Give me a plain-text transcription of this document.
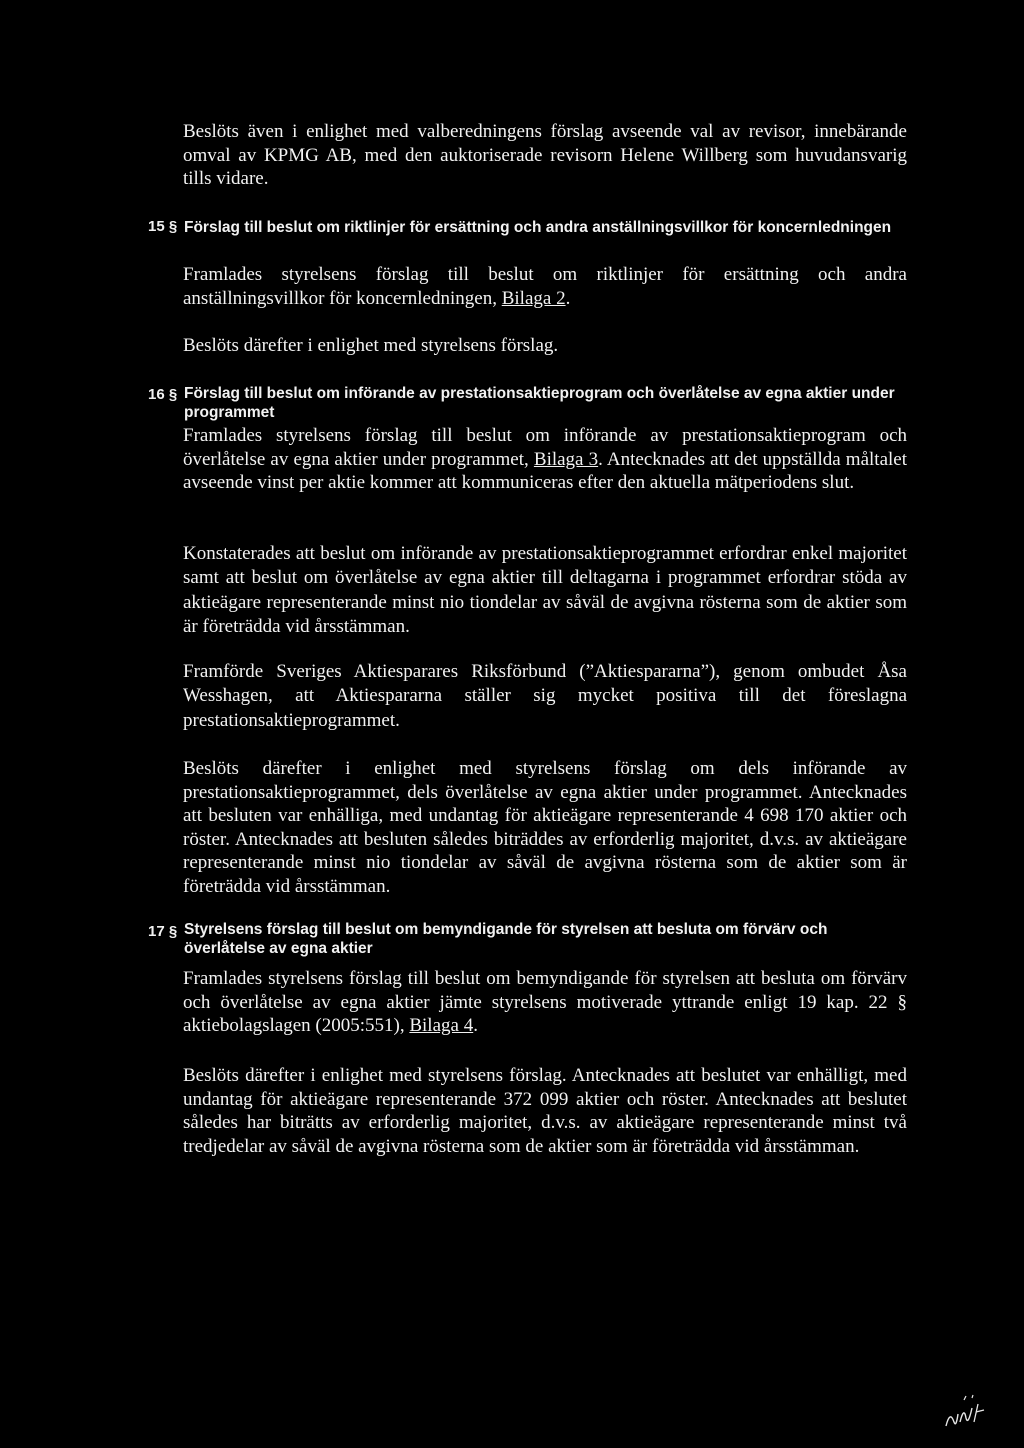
Beslöts även i enlighet med valberedningens förslag avseende val av revisor, innebärande omval av KPMG AB, med den auktoriserade revisorn Helene Willberg som huvudansvarig tills vidare.

15 § Förslag till beslut om riktlinjer för ersättning och andra anställningsvillkor för koncernledningen

Framlades styrelsens förslag till beslut om riktlinjer för ersättning och andra anställningsvillkor för koncernledningen, Bilaga 2.

Beslöts därefter i enlighet med styrelsens förslag.

16 § Förslag till beslut om införande av prestationsaktieprogram och överlåtelse av egna aktier under programmet

Framlades styrelsens förslag till beslut om införande av prestationsaktieprogram och överlåtelse av egna aktier under programmet, Bilaga 3. Antecknades att det uppställda måltalet avseende vinst per aktie kommer att kommuniceras efter den aktuella mätperiodens slut.

Konstaterades att beslut om införande av prestationsaktieprogrammet erfordrar enkel majoritet samt att beslut om överlåtelse av egna aktier till deltagarna i programmet erfordrar stöda av aktieägare representerande minst nio tiondelar av såväl de avgivna rösterna som de aktier som är företrädda vid årsstämman.

Framförde Sveriges Aktiesparares Riksförbund (”Aktiespararna”), genom ombudet Åsa Wesshagen, att Aktiespararna ställer sig mycket positiva till det föreslagna prestationsaktieprogrammet.

Beslöts därefter i enlighet med styrelsens förslag om dels införande av prestationsaktieprogrammet, dels överlåtelse av egna aktier under programmet. Antecknades att besluten var enhälliga, med undantag för aktieägare representerande 4 698 170 aktier och röster. Antecknades att besluten således biträddes av erforderlig majoritet, d.v.s. av aktieägare representerande minst nio tiondelar av såväl de avgivna rösterna som de aktier som är företrädda vid årsstämman.

17 § Styrelsens förslag till beslut om bemyndigande för styrelsen att besluta om förvärv och överlåtelse av egna aktier

Framlades styrelsens förslag till beslut om bemyndigande för styrelsen att besluta om förvärv och överlåtelse av egna aktier jämte styrelsens motiverade yttrande enligt 19 kap. 22 § aktiebolagslagen (2005:551), Bilaga 4.

Beslöts därefter i enlighet med styrelsens förslag. Antecknades att beslutet var enhälligt, med undantag för aktieägare representerande 372 099 aktier och röster. Antecknades att beslutet således har biträtts av erforderlig majoritet, d.v.s. av aktieägare representerande minst två tredjedelar av såväl de avgivna rösterna som de aktier som är företrädda vid årsstämman.
